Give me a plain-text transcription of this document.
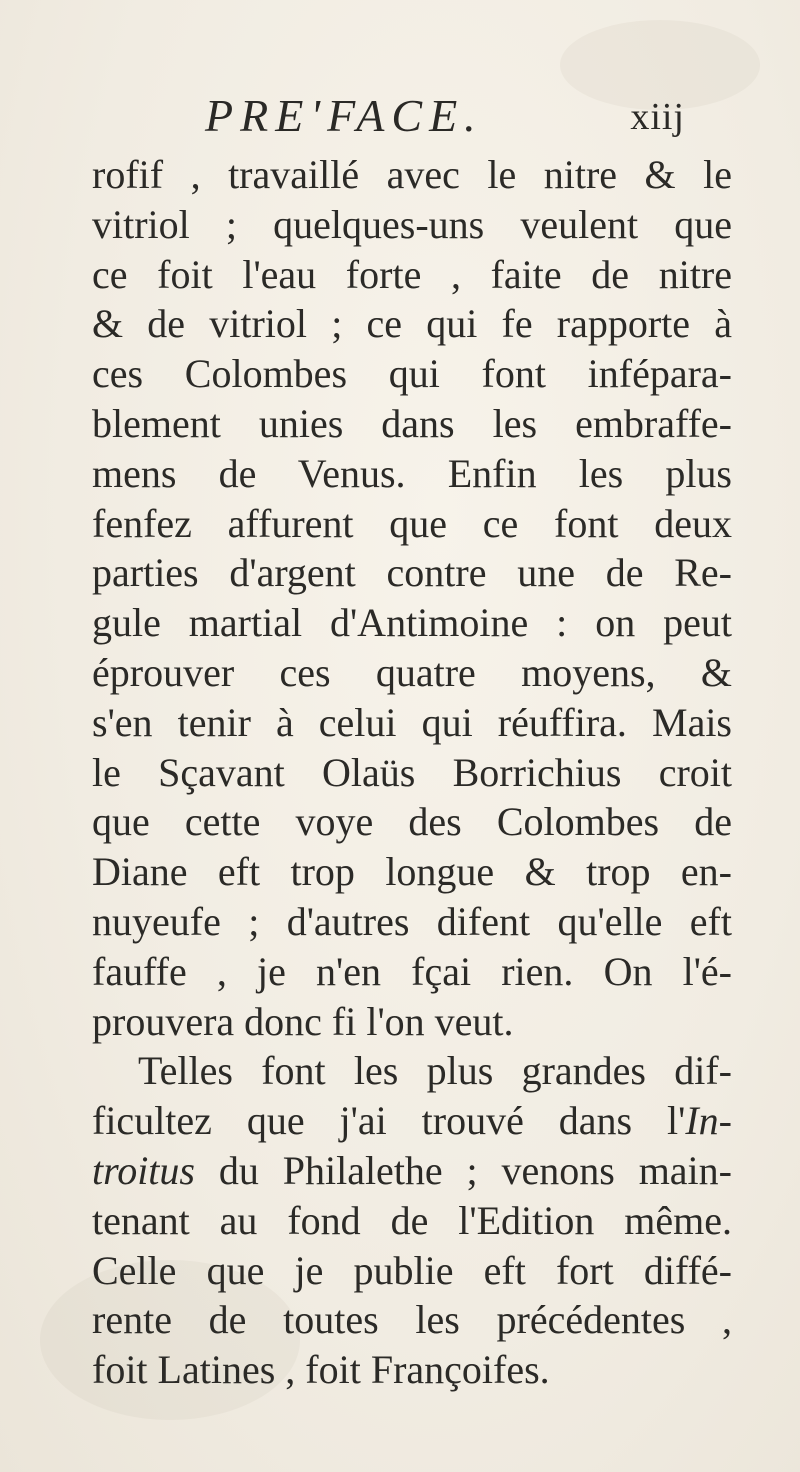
PRE'FACE.	xiij
rofif , travaillé avec le nitre & le
vitriol ; quelques-uns veulent que
ce foit l'eau forte , faite de nitre
& de vitriol ; ce qui fe rapporte à
ces Colombes qui font infépara-
blement unies dans les embraffe-
mens de Venus. Enfin les plus
fenfez affurent que ce font deux
parties d'argent contre une de Re-
gule martial d'Antimoine : on peut
éprouver ces quatre moyens, &
s'en tenir à celui qui réuffira. Mais
le Sçavant Olaüs Borrichius croit
que cette voye des Colombes de
Diane eft trop longue & trop en-
nuyeufe ; d'autres difent qu'elle eft
fauffe , je n'en fçai rien. On l'é-
prouvera donc fi l'on veut.
Telles font les plus grandes dif-
ficultez que j'ai trouvé dans l'In-
troitus du Philalethe ; venons main-
tenant au fond de l'Edition même.
Celle que je publie eft fort diffé-
rente de toutes les précédentes ,
foit Latines , foit Françoifes.
